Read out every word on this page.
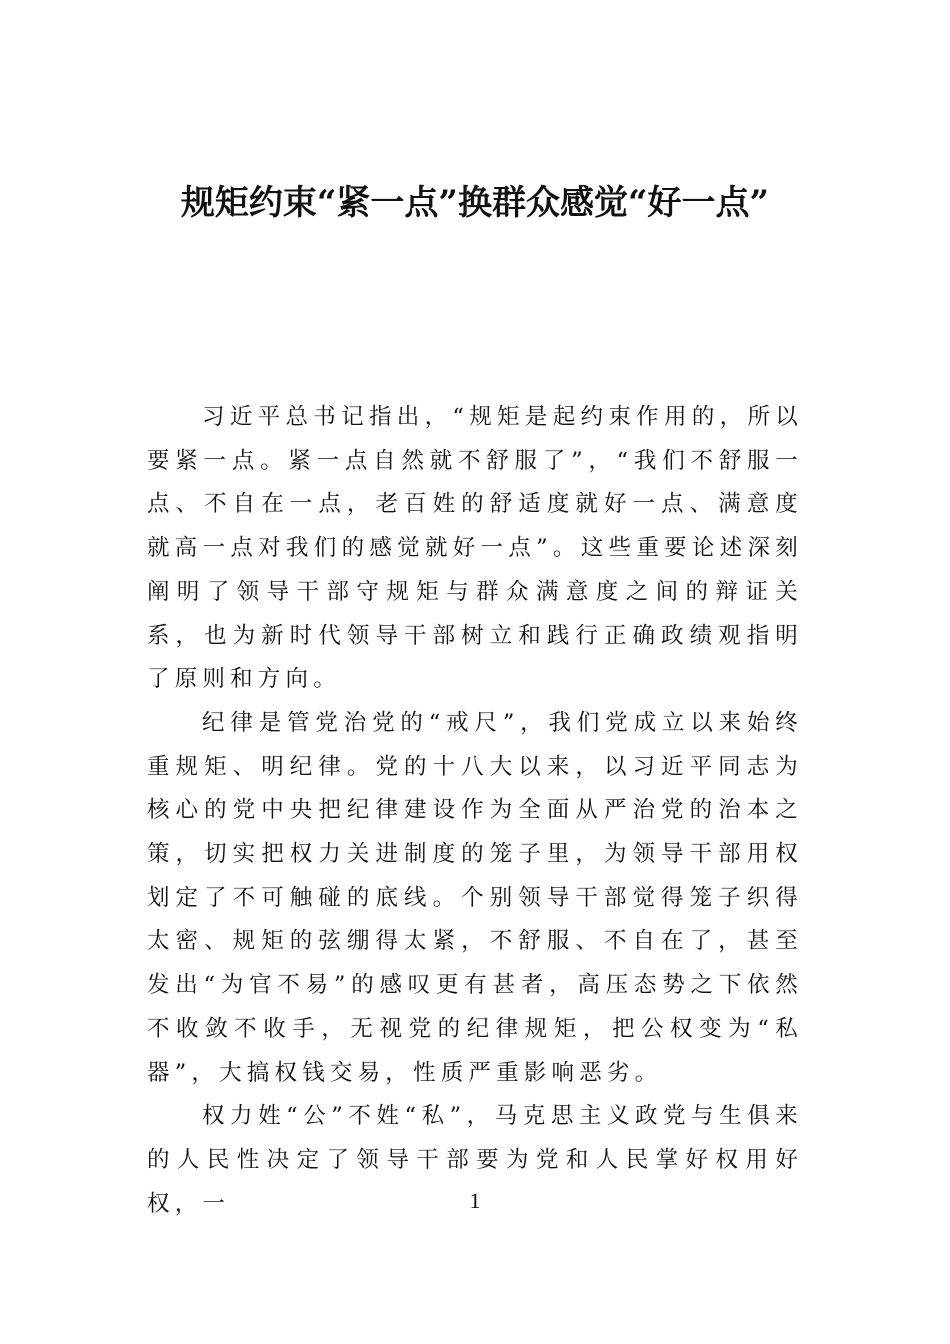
规矩约束“紧一点”换群众感觉“好一点”

习近平总书记指出，“规矩是起约束作用的，所以要紧一点。紧一点自然就不舒服了”，“我们不舒服一点、不自在一点，老百姓的舒适度就好一点、满意度就高一点对我们的感觉就好一点”。这些重要论述深刻阐明了领导干部守规矩与群众满意度之间的辩证关系，也为新时代领导干部树立和践行正确政绩观指明了原则和方向。

纪律是管党治党的“戒尺”，我们党成立以来始终重规矩、明纪律。党的十八大以来，以习近平同志为核心的党中央把纪律建设作为全面从严治党的治本之策，切实把权力关进制度的笼子里，为领导干部用权划定了不可触碰的底线。个别领导干部觉得笼子织得太密、规矩的弦绷得太紧，不舒服、不自在了，甚至发出“为官不易”的感叹更有甚者，高压态势之下依然不收敛不收手，无视党的纪律规矩，把公权变为“私器”，大搞权钱交易，性质严重影响恶劣。

权力姓“公”不姓“私”，马克思主义政党与生俱来的人民性决定了领导干部要为党和人民掌好权用好权，一	1
